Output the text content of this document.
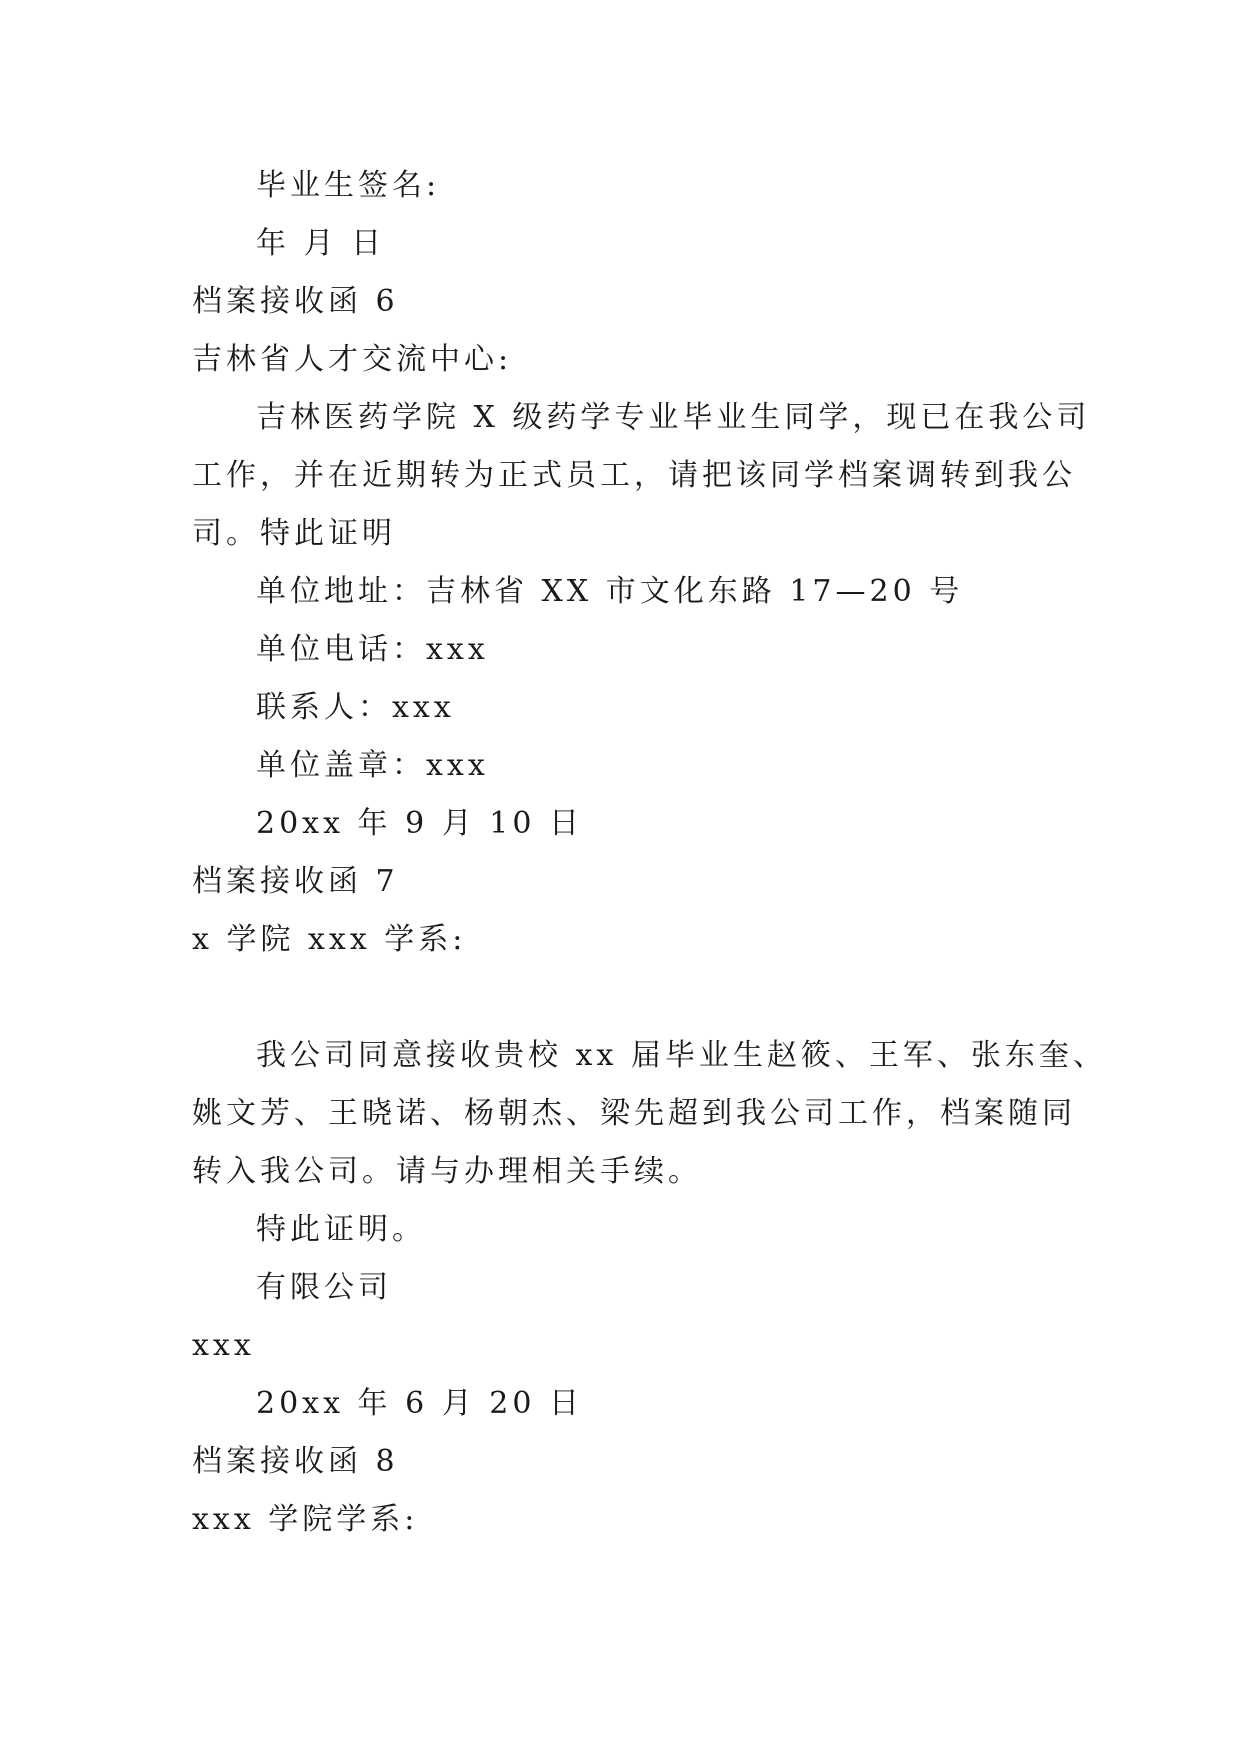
毕业生签名:
年 月 日
档案接收函 6
吉林省人才交流中心:
吉林医药学院 X 级药学专业毕业生同学，现已在我公司
工作，并在近期转为正式员工，请把该同学档案调转到我公
司。特此证明
单位地址：吉林省 XX 市文化东路 17—20 号
单位电话：xxx
联系人：xxx
单位盖章：xxx
20xx 年 9 月 10 日
档案接收函 7
x 学院 xxx 学系:
我公司同意接收贵校 xx 届毕业生赵筱、王军、张东奎、
姚文芳、王晓诺、杨朝杰、梁先超到我公司工作，档案随同
转入我公司。请与办理相关手续。
特此证明。
有限公司
xxx
20xx 年 6 月 20 日
档案接收函 8
xxx 学院学系:
